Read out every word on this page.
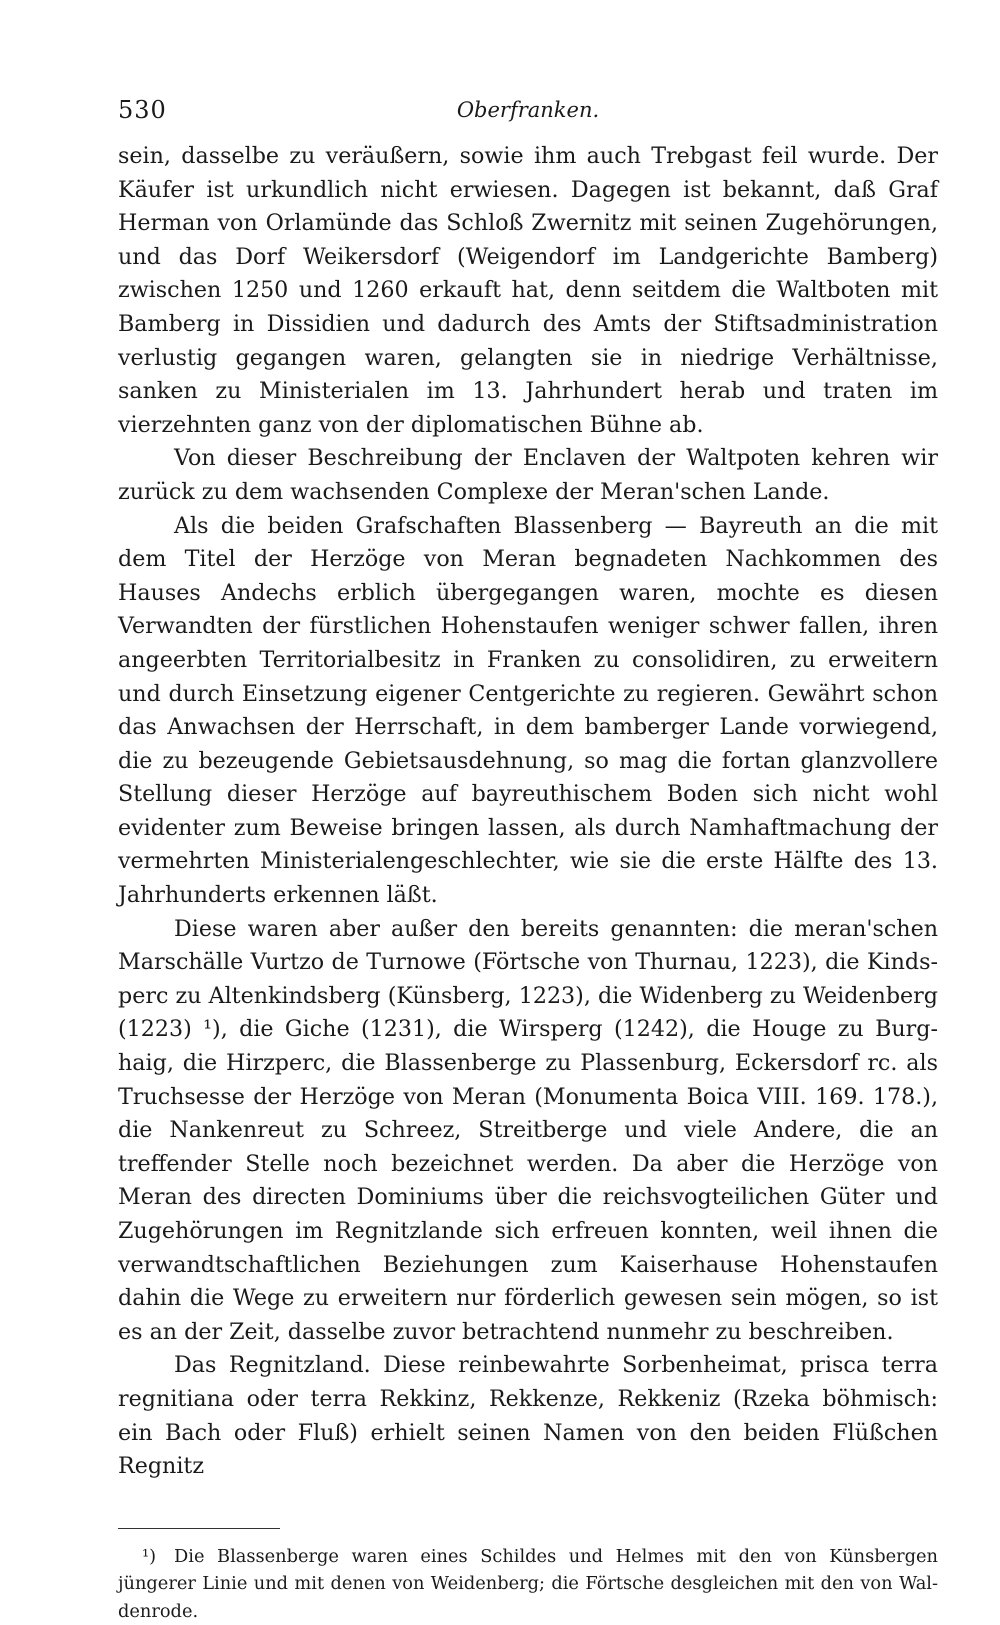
530	Oberfranken.

sein, dasselbe zu veräußern, sowie ihm auch Trebgast feil wurde. Der Käufer ist urkundlich nicht erwiesen. Dagegen ist bekannt, daß Graf Herman von Orlamünde das Schloß Zwernitz mit seinen Zugehörungen, und das Dorf Weikersdorf (Weigendorf im Landgerichte Bamberg) zwischen 1250 und 1260 erkauft hat, denn seitdem die Waltboten mit Bamberg in Dissidien und dadurch des Amts der Stiftsadministration verlustig gegangen waren, gelangten sie in niedrige Verhältnisse, sanken zu Ministerialen im 13. Jahrhundert herab und traten im vierzehnten ganz von der diplomatischen Bühne ab.

Von dieser Beschreibung der Enclaven der Waltpoten kehren wir zurück zu dem wachsenden Complexe der Meran'schen Lande.

Als die beiden Grafschaften Blassenberg — Bayreuth an die mit dem Titel der Herzöge von Meran begnadeten Nachkommen des Hauses Andechs erblich übergegangen waren, mochte es diesen Verwandten der fürstlichen Hohenstaufen weniger schwer fallen, ihren angeerbten Territorialbesitz in Franken zu consolidiren, zu erweitern und durch Einsetzung eigener Centgerichte zu regieren. Gewährt schon das Anwachsen der Herrschaft, in dem bamberger Lande vorwiegend, die zu bezeugende Gebietsausdehnung, so mag die fortan glanzvollere Stellung dieser Herzöge auf bayreuthischem Boden sich nicht wohl evidenter zum Beweise bringen lassen, als durch Namhaftmachung der vermehrten Ministerialengeschlechter, wie sie die erste Hälfte des 13. Jahrhunderts erkennen läßt.

Diese waren aber außer den bereits genannten: die meran'schen Marschälle Vurtzo de Turnowe (Förtsche von Thurnau, 1223), die Kindsperc zu Altenkindsberg (Künsberg, 1223), die Widenberg zu Weidenberg (1223) ¹), die Giche (1231), die Wirsperg (1242), die Houge zu Burghaig, die Hirzperc, die Blassenberge zu Plassenburg, Eckersdorf rc. als Truchsesse der Herzöge von Meran (Monumenta Boica VIII. 169. 178.), die Nankenreut zu Schreez, Streitberge und viele Andere, die an treffender Stelle noch bezeichnet werden. Da aber die Herzöge von Meran des directen Dominiums über die reichsvogteilichen Güter und Zugehörungen im Regnitzlande sich erfreuen konnten, weil ihnen die verwandtschaftlichen Beziehungen zum Kaiserhause Hohenstaufen dahin die Wege zu erweitern nur förderlich gewesen sein mögen, so ist es an der Zeit, dasselbe zuvor betrachtend nunmehr zu beschreiben.

Das Regnitzland. Diese reinbewahrte Sorbenheimat, prisca terra regnitiana oder terra Rekkinz, Rekkenze, Rekkeniz (Rzeka böhmisch: ein Bach oder Fluß) erhielt seinen Namen von den beiden Flüßchen Regnitz

¹) Die Blassenberge waren eines Schildes und Helmes mit den von Künsbergen jüngerer Linie und mit denen von Weidenberg; die Förtsche desgleichen mit den von Waldenrode.
